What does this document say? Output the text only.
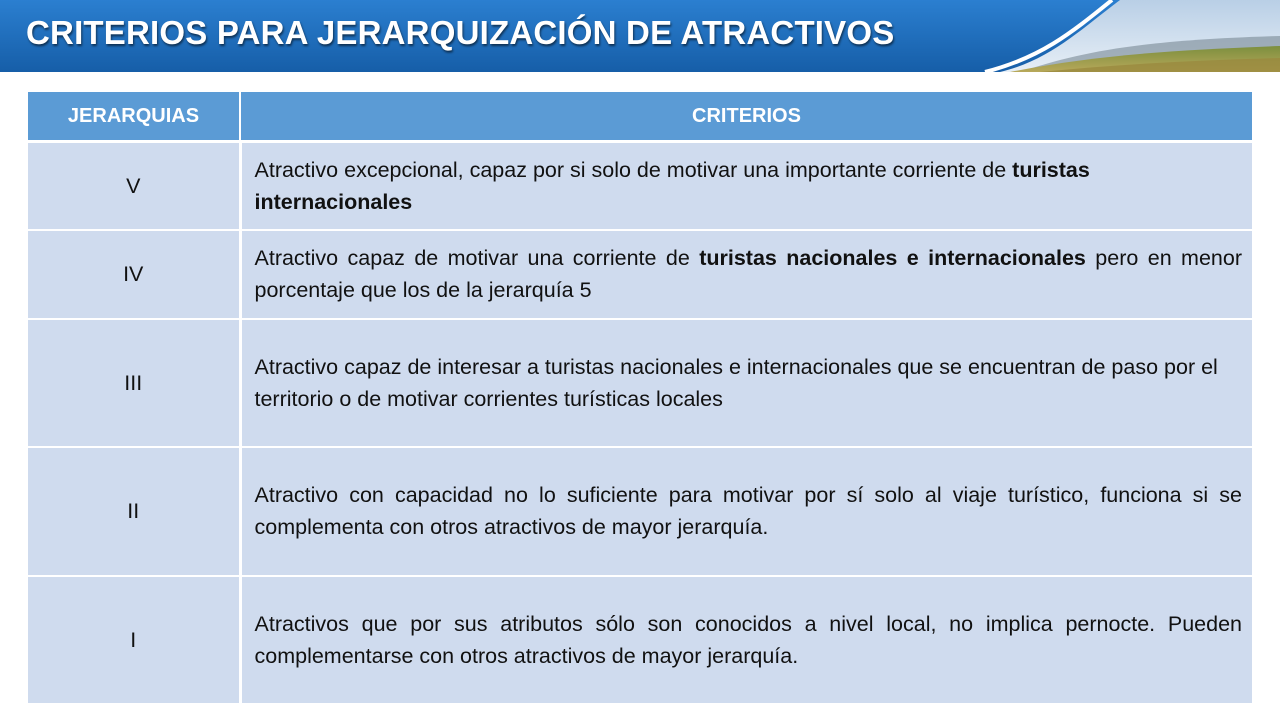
CRITERIOS PARA JERARQUIZACIÓN DE ATRACTIVOS
JERARQUIAS	CRITERIOS
V	Atractivo excepcional, capaz por si solo de motivar una importante corriente de turistas internacionales
IV	Atractivo capaz de motivar una corriente de turistas nacionales e internacionales pero en menor porcentaje que los de la jerarquía 5
III	Atractivo capaz de interesar a turistas nacionales e internacionales que se encuentran de paso por el territorio o de motivar corrientes turísticas locales
II	Atractivo con capacidad no lo suficiente para motivar por sí solo al viaje turístico, funciona si se complementa con otros atractivos de mayor jerarquía.
I	Atractivos que por sus atributos sólo son conocidos a nivel local, no implica pernocte. Pueden complementarse con otros atractivos de mayor jerarquía.
